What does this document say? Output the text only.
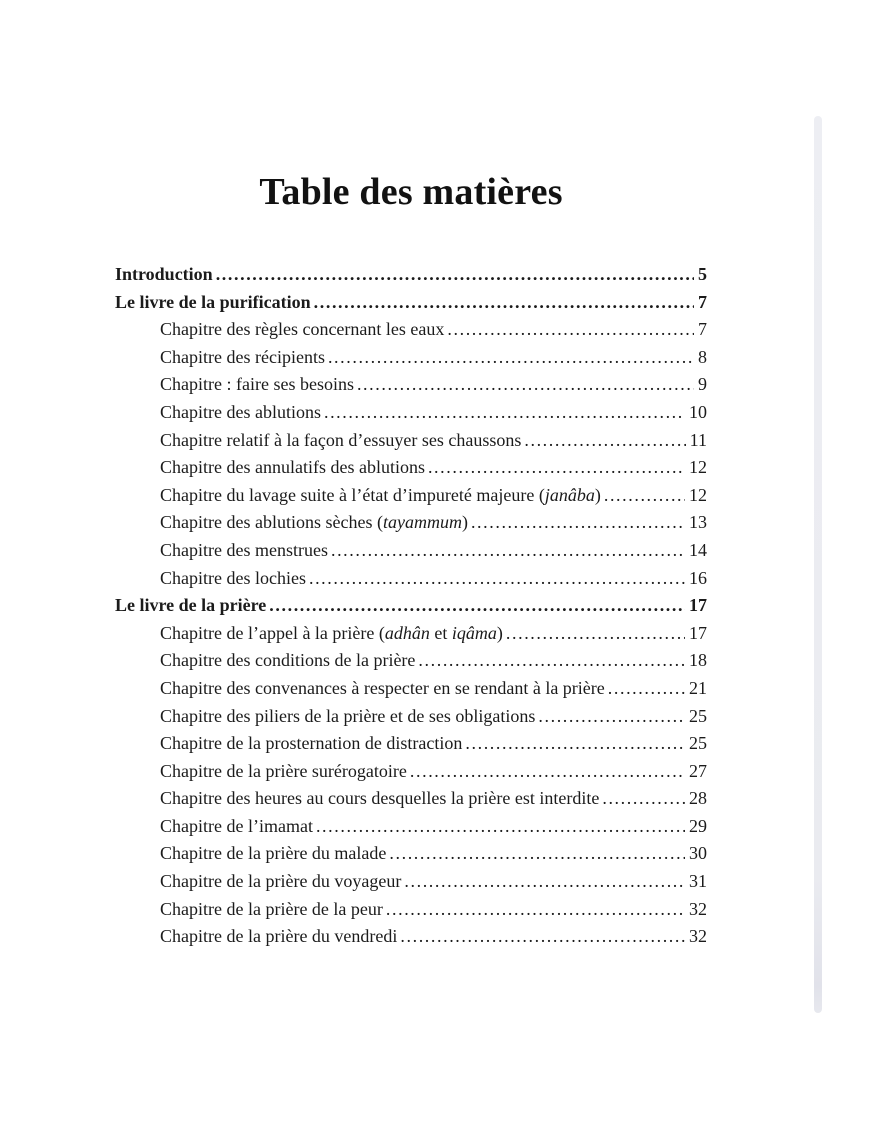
Table des matières
Introduction .....	5
Le livre de la purification .....	7
Chapitre des règles concernant les eaux .....	7
Chapitre des récipients .....	8
Chapitre : faire ses besoins .....	9
Chapitre des ablutions .....	10
Chapitre relatif à la façon d’essuyer ses chaussons .....	11
Chapitre des annulatifs des ablutions .....	12
Chapitre du lavage suite à l’état d’impureté majeure (janâba) .....	12
Chapitre des ablutions sèches (tayammum) .....	13
Chapitre des menstrues .....	14
Chapitre des lochies .....	16
Le livre de la prière .....	17
Chapitre de l’appel à la prière (adhân et iqâma) .....	17
Chapitre des conditions de la prière .....	18
Chapitre des convenances à respecter en se rendant à la prière .....	21
Chapitre des piliers de la prière et de ses obligations .....	25
Chapitre de la prosternation de distraction .....	25
Chapitre de la prière surérogatoire .....	27
Chapitre des heures au cours desquelles la prière est interdite .....	28
Chapitre de l’imamat .....	29
Chapitre de la prière du malade .....	30
Chapitre de la prière du voyageur .....	31
Chapitre de la prière de la peur .....	32
Chapitre de la prière du vendredi .....	32
